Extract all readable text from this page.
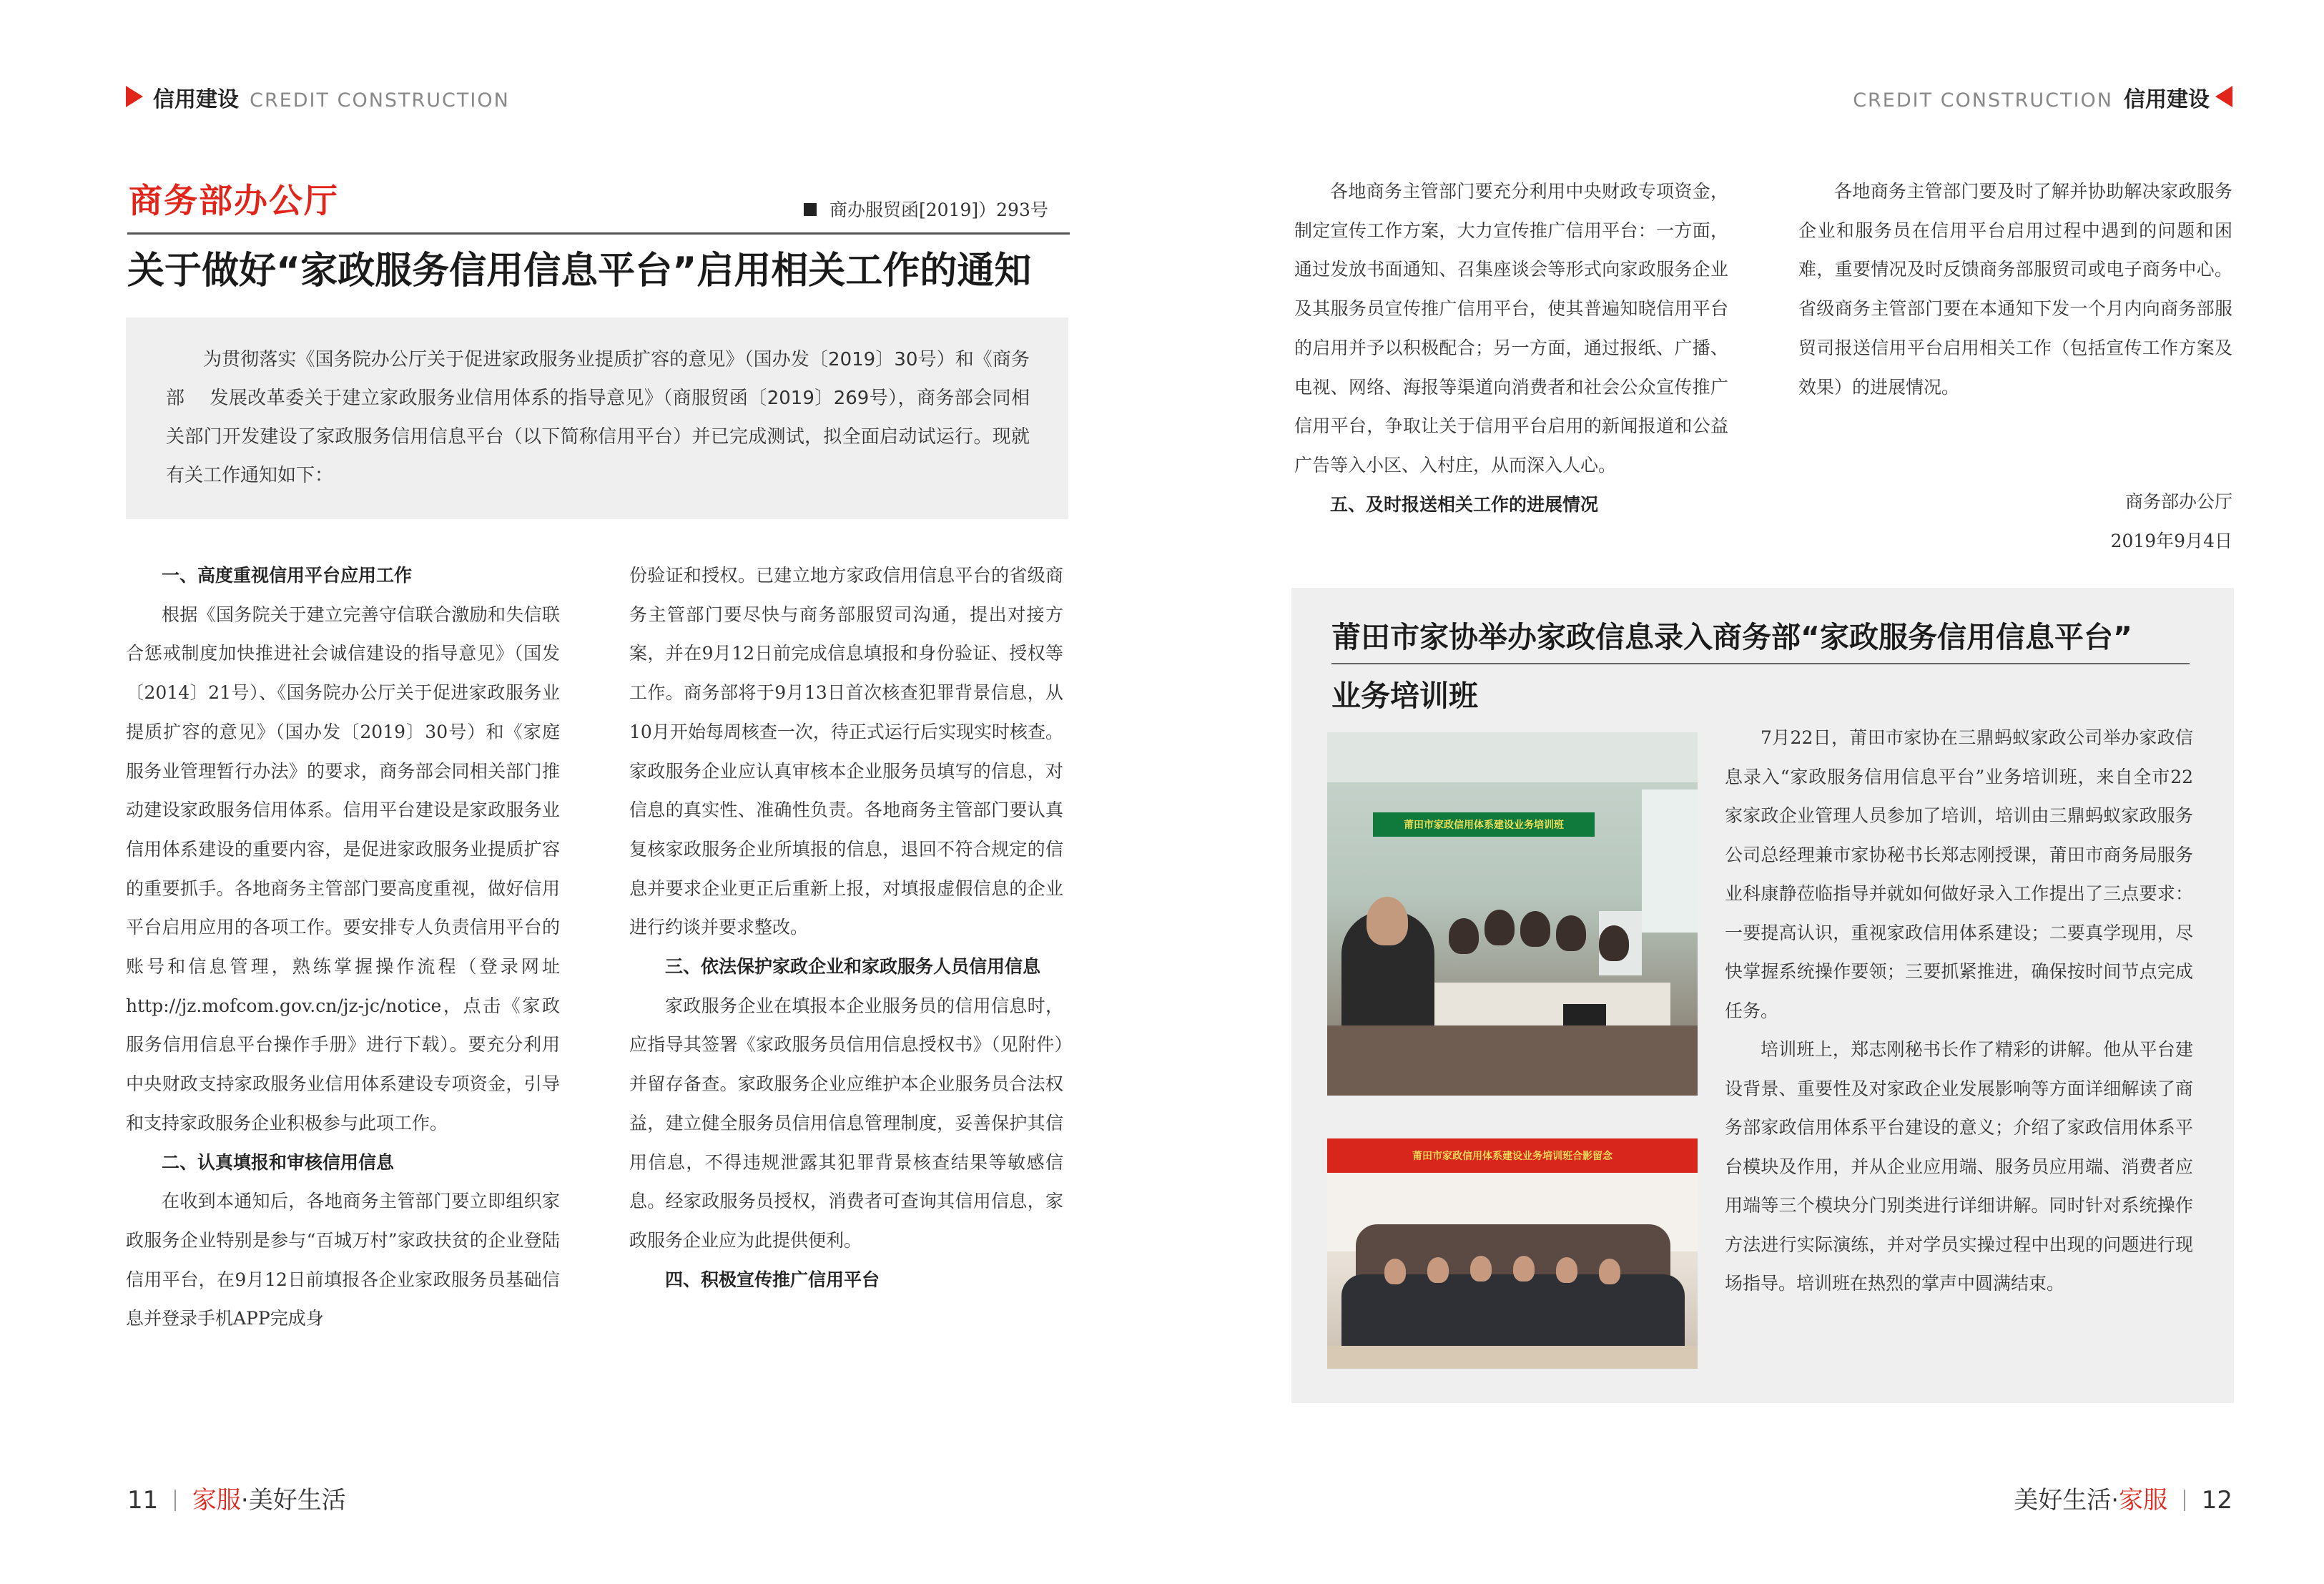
信用建设 CREDIT CONSTRUCTION	CREDIT CONSTRUCTION 信用建设
商务部办公厅	商办服贸函[2019]）293号
关于做好“家政服务信用信息平台”启用相关工作的通知

为贯彻落实《国务院办公厅关于促进家政服务业提质扩容的意见》（国办发〔2019〕30号）和《商务部　 发展改革委关于建立家政服务业信用体系的指导意见》（商服贸函〔2019〕269号），商务部会同相关部门开发建设了家政服务信用信息平台（以下简称信用平台）并已完成测试，拟全面启动试运行。现就有关工作通知如下：

一、高度重视信用平台应用工作

根据《国务院关于建立完善守信联合激励和失信联合惩戒制度加快推进社会诚信建设的指导意见》（国发〔2014〕21号）、《国务院办公厅关于促进家政服务业提质扩容的意见》（国办发〔2019〕30号）和《家庭服务业管理暂行办法》的要求，商务部会同相关部门推动建设家政服务信用体系。信用平台建设是家政服务业信用体系建设的重要内容，是促进家政服务业提质扩容的重要抓手。各地商务主管部门要高度重视，做好信用平台启用应用的各项工作。要安排专人负责信用平台的账号和信息管理，熟练掌握操作流程（登录网址http://jz.mofcom.gov.cn/jz-jc/notice，点击《家政服务信用信息平台操作手册》进行下载）。要充分利用中央财政支持家政服务业信用体系建设专项资金，引导和支持家政服务企业积极参与此项工作。

二、认真填报和审核信用信息

在收到本通知后，各地商务主管部门要立即组织家政服务企业特别是参与“百城万村”家政扶贫的企业登陆信用平台，在9月12日前填报各企业家政服务员基础信息并登录手机APP完成身

份验证和授权。已建立地方家政信用信息平台的省级商务主管部门要尽快与商务部服贸司沟通，提出对接方案，并在9月12日前完成信息填报和身份验证、授权等工作。商务部将于9月13日首次核查犯罪背景信息，从10月开始每周核查一次，待正式运行后实现实时核查。家政服务企业应认真审核本企业服务员填写的信息，对信息的真实性、准确性负责。各地商务主管部门要认真复核家政服务企业所填报的信息，退回不符合规定的信息并要求企业更正后重新上报，对填报虚假信息的企业进行约谈并要求整改。

三、依法保护家政企业和家政服务人员信用信息

家政服务企业在填报本企业服务员的信用信息时，应指导其签署《家政服务员信用信息授权书》（见附件）并留存备查。家政服务企业应维护本企业服务员合法权益，建立健全服务员信用信息管理制度，妥善保护其信用信息，不得违规泄露其犯罪背景核查结果等敏感信息。经家政服务员授权，消费者可查询其信用信息，家政服务企业应为此提供便利。

四、积极宣传推广信用平台

各地商务主管部门要充分利用中央财政专项资金，制定宣传工作方案，大力宣传推广信用平台：一方面，通过发放书面通知、召集座谈会等形式向家政服务企业及其服务员宣传推广信用平台，使其普遍知晓信用平台的启用并予以积极配合；另一方面，通过报纸、广播、电视、网络、海报等渠道向消费者和社会公众宣传推广信用平台，争取让关于信用平台启用的新闻报道和公益广告等入小区、入村庄，从而深入人心。

五、及时报送相关工作的进展情况

各地商务主管部门要及时了解并协助解决家政服务企业和服务员在信用平台启用过程中遇到的问题和困难，重要情况及时反馈商务部服贸司或电子商务中心。省级商务主管部门要在本通知下发一个月内向商务部服贸司报送信用平台启用相关工作（包括宣传工作方案及效果）的进展情况。

商务部办公厅
2019年9月4日
莆田市家协举办家政信息录入商务部“家政服务信用信息平台”
业务培训班
莆田市家政信用体系建设业务培训班
莆田市家政信用体系建设业务培训班合影留念

7月22日，莆田市家协在三鼎蚂蚁家政公司举办家政信息录入“家政服务信用信息平台”业务培训班，来自全市22家家政企业管理人员参加了培训，培训由三鼎蚂蚁家政服务公司总经理兼市家协秘书长郑志刚授课，莆田市商务局服务业科康静莅临指导并就如何做好录入工作提出了三点要求：一要提高认识，重视家政信用体系建设；二要真学现用，尽快掌握系统操作要领；三要抓紧推进，确保按时间节点完成任务。

培训班上，郑志刚秘书长作了精彩的讲解。他从平台建设背景、重要性及对家政企业发展影响等方面详细解读了商务部家政信用体系平台建设的意义；介绍了家政信用体系平台模块及作用，并从企业应用端、服务员应用端、消费者应用端等三个模块分门别类进行详细讲解。同时针对系统操作方法进行实际演练，并对学员实操过程中出现的问题进行现场指导。培训班在热烈的掌声中圆满结束。

11 家服·美好生活	美好生活·家服 12
